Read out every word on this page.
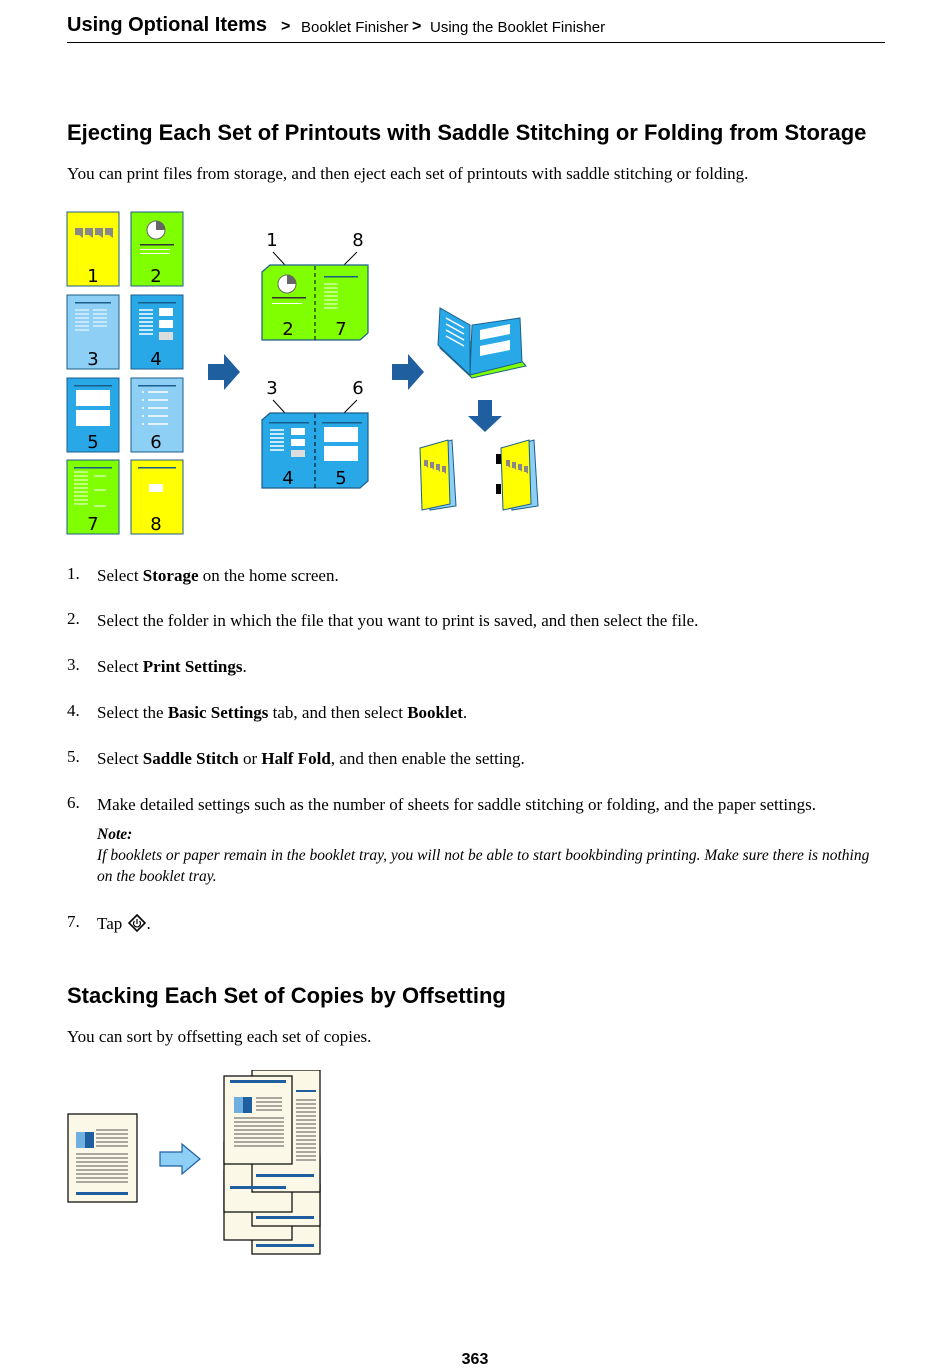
Using Optional Items > Booklet Finisher > Using the Booklet Finisher
Ejecting Each Set of Printouts with Saddle Stitching or Folding from Storage

You can print files from storage, and then eject each set of printouts with saddle stitching or folding.

1	2
3	4
5	6
7	8
1	8
2 7
3	6
4 5
1. Select Storage on the home screen.
2. Select the folder in which the file that you want to print is saved, and then select the file.
3. Select Print Settings.
4. Select the Basic Settings tab, and then select Booklet.
5. Select Saddle Stitch or Half Fold, and then enable the setting.
6. Make detailed settings such as the number of sheets for saddle stitching or folding, and the paper settings.
Note:
If booklets or paper remain in the booklet tray, you will not be able to start bookbinding printing. Make sure there is nothing on the booklet tray.
7. Tap .
Stacking Each Set of Copies by Offsetting

You can sort by offsetting each set of copies.

363
